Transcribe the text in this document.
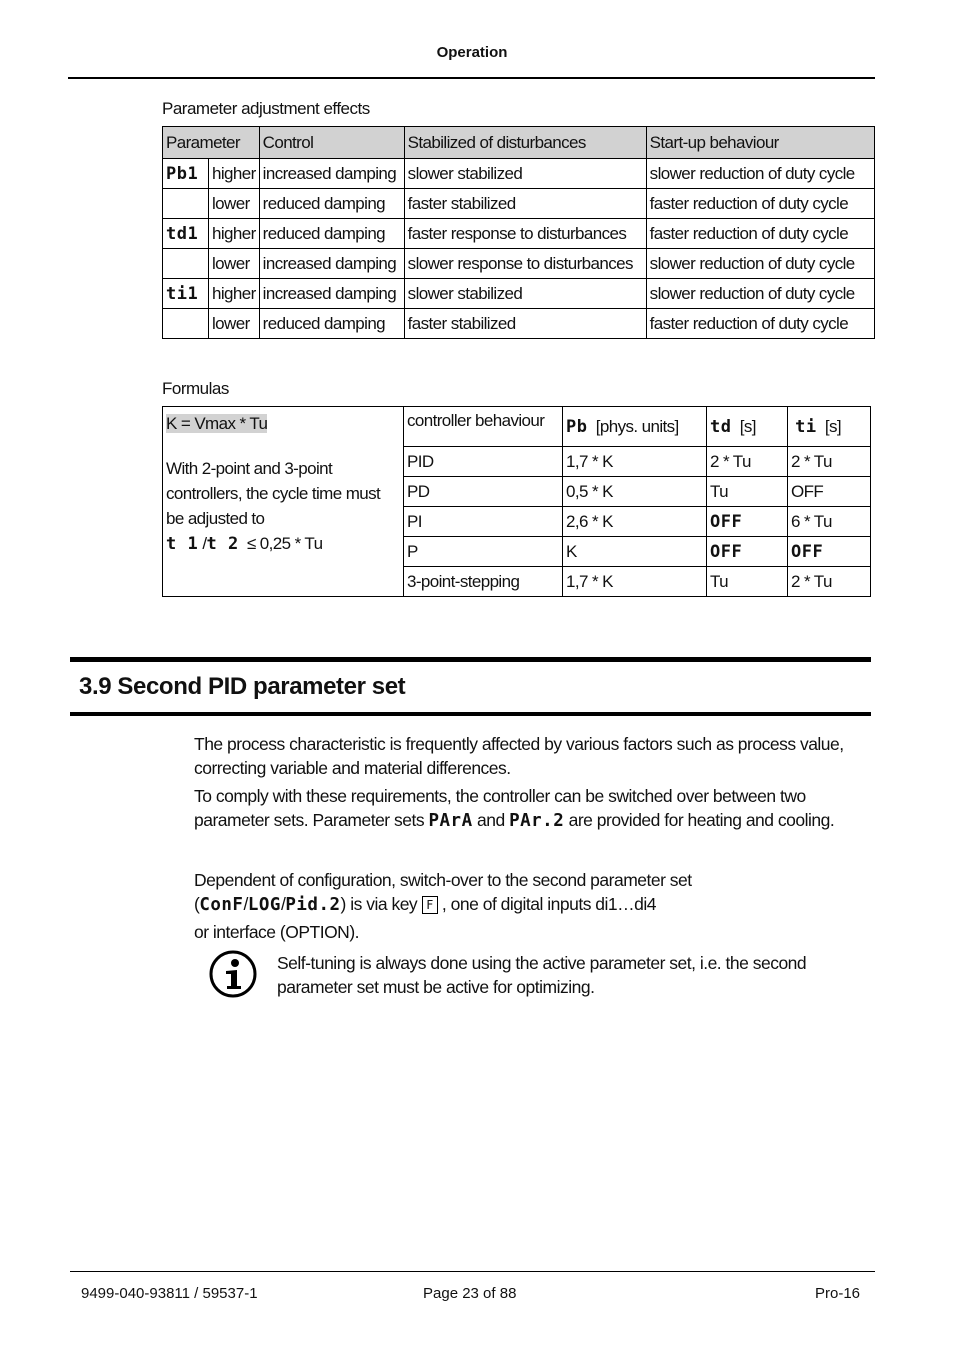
Operation
Parameter adjustment effects
Parameter		Control	Stabilized of disturbances	Start-up behaviour
Pb1	higher	increased damping	slower stabilized	slower reduction of duty cycle
	lower	reduced damping	faster stabilized	faster reduction of duty cycle
td1	higher	reduced damping	faster response to disturbances	faster reduction of duty cycle
	lower	increased damping	slower response to disturbances	slower reduction of duty cycle
ti1	higher	increased damping	slower stabilized	slower reduction of duty cycle
	lower	reduced damping	faster stabilized	faster reduction of duty cycle
Formulas
K = Vmax * Tu
With 2-point and 3-point controllers, the cycle time must be adjusted to
t 1 /t 2 ≤ 0,25 * Tu	controller behaviour	Pb [phys. units]	td [s]	ti [s]
	PID	1,7 * K	2 * Tu	2 * Tu
	PD	0,5 * K	Tu	OFF
	PI	2,6 * K	OFF	6 * Tu
	P	K	OFF	OFF
	3-point-stepping	1,7 * K	Tu	2 * Tu
3.9 Second PID parameter set
The process characteristic is frequently affected by various factors such as process value, correcting variable and material differences.
To comply with these requirements, the controller can be switched over between two parameter sets. Parameter sets PArA and PAr.2 are provided for heating and cooling.
Dependent of configuration, switch-over to the second parameter set
(ConF/LOG/Pid.2) is via key F , one of digital inputs di1…di4
or interface (OPTION).
Self-tuning is always done using the active parameter set, i.e. the second parameter set must be active for optimizing.
9499-040-93811 / 59537-1	Page 23 of 88	Pro-16
